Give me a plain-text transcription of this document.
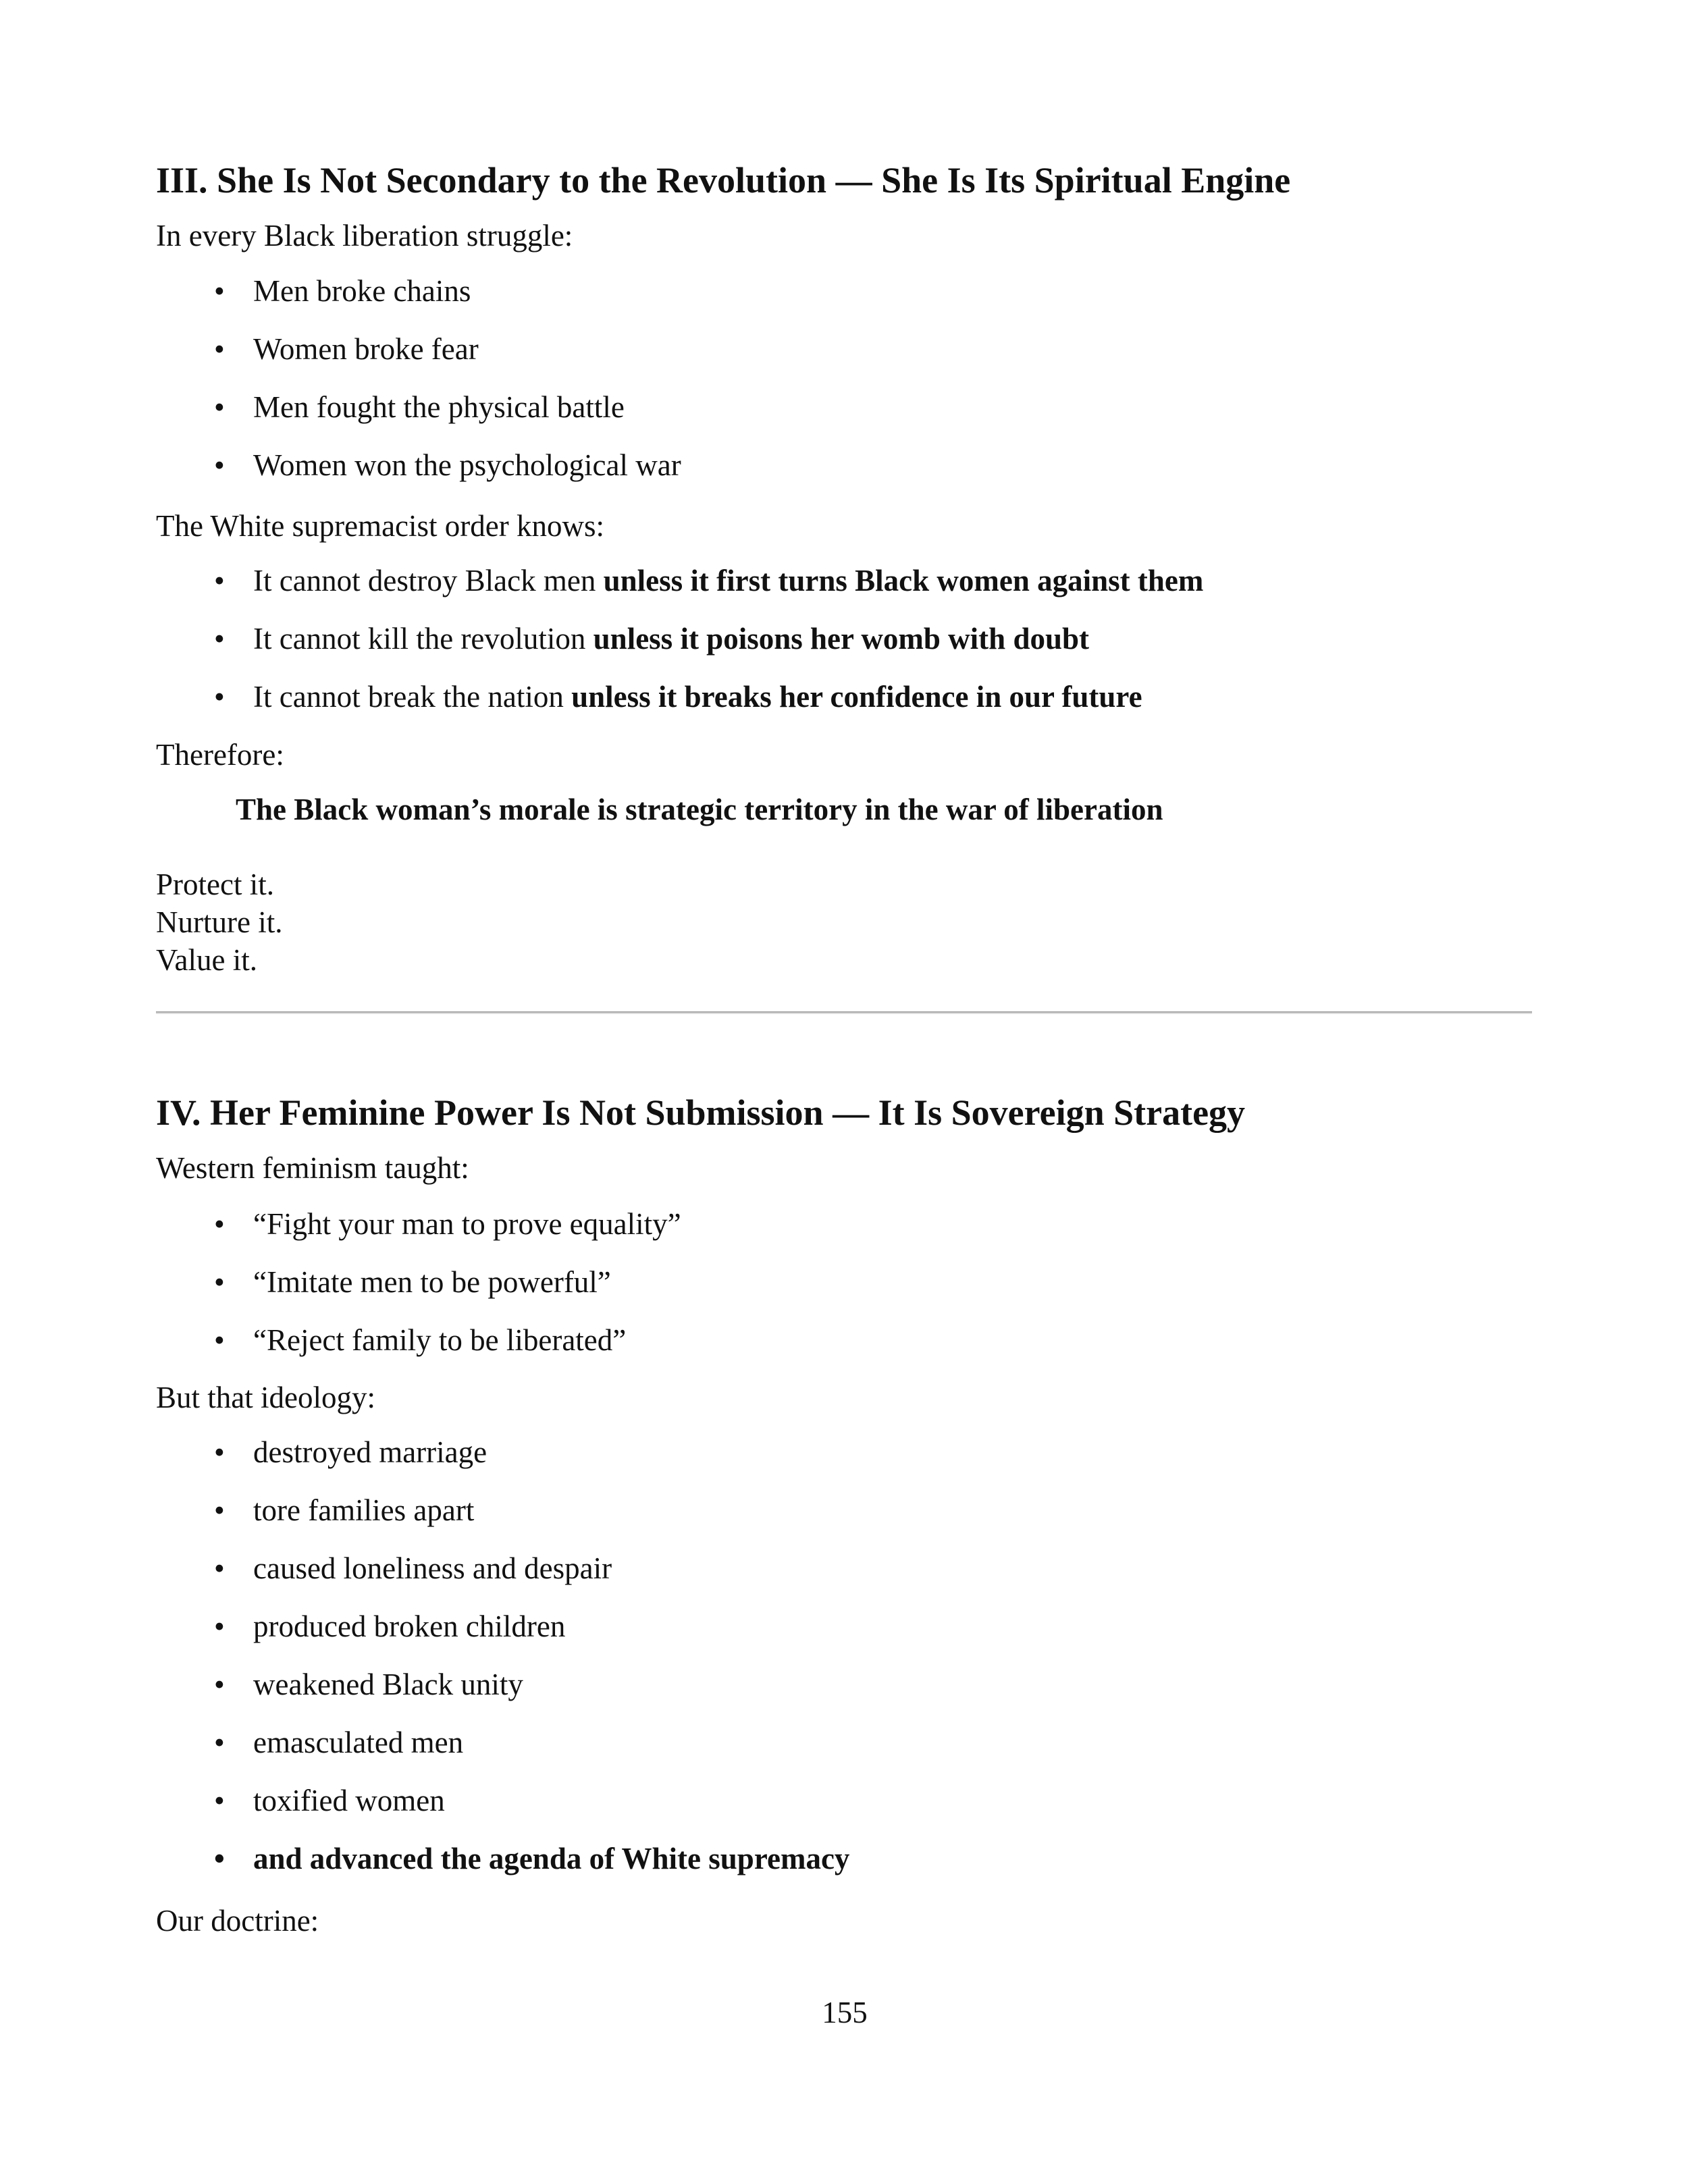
III. She Is Not Secondary to the Revolution — She Is Its Spiritual Engine

In every Black liberation struggle:

• Men broke chains
• Women broke fear
• Men fought the physical battle
• Women won the psychological war

The White supremacist order knows:

• It cannot destroy Black men unless it first turns Black women against them
• It cannot kill the revolution unless it poisons her womb with doubt
• It cannot break the nation unless it breaks her confidence in our future

Therefore:

The Black woman’s morale is strategic territory in the war of liberation

Protect it.
Nurture it.
Value it.
IV. Her Feminine Power Is Not Submission — It Is Sovereign Strategy

Western feminism taught:

• “Fight your man to prove equality”
• “Imitate men to be powerful”
• “Reject family to be liberated”

But that ideology:

• destroyed marriage
• tore families apart
• caused loneliness and despair
• produced broken children
• weakened Black unity
• emasculated men
• toxified women
• and advanced the agenda of White supremacy

Our doctrine:

155
